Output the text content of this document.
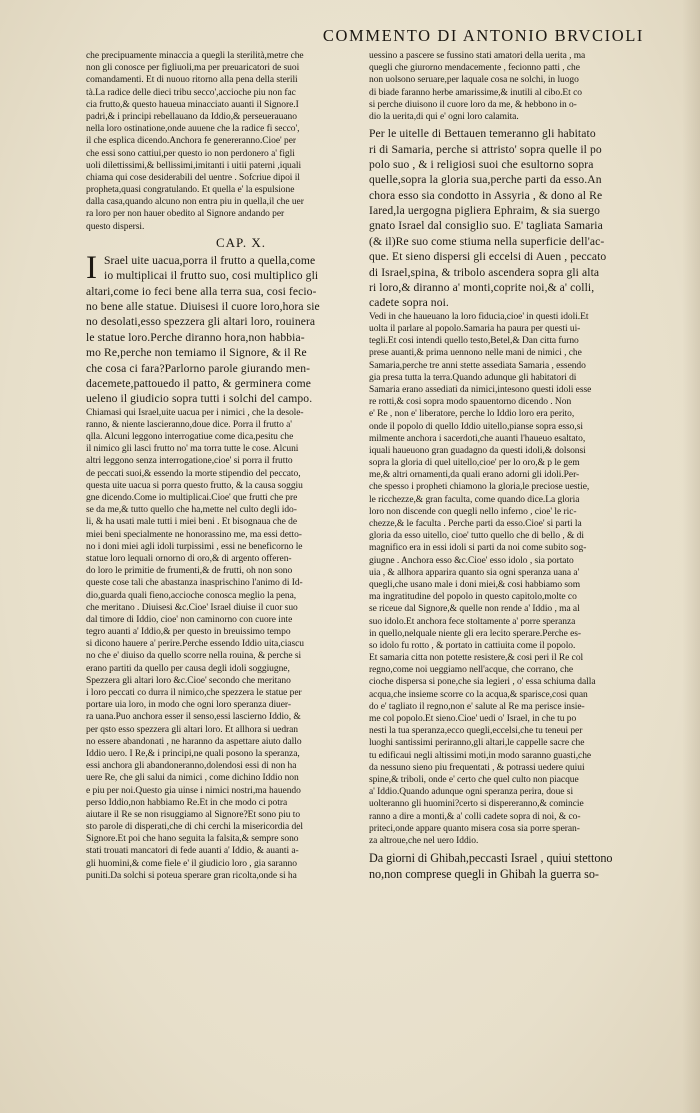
COMMENTO DI ANTONIO BRVCIOLI
che precipuamente minaccia a quegli la sterilità,metre che
non gli conosce per figliuoli,ma per preuaricatori de suoi
comandamenti. Et di nuouo ritorno alla pena della sterili
tà.La radice delle dieci tribu secco',accioche piu non fac
cia frutto,& questo haueua minacciato auanti il Signore.I
padri,& i principi rebellauano da Iddio,& perseuerauano
nella loro ostinatione,onde auuene che la radice fi secco',
il che esplica dicendo.Anchora fe genereranno.Cioe' per
che essi sono cattiui,per questo io non perdonero a' figli
uoli dilettissimi,& bellissimi,imitanti i uitii paterni ,iquali
chiama qui cose desiderabili del uentre . Sofcriue dipoi il
propheta,quasi congratulando. Et quella e' la espulsione
dalla casa,quando alcuno non entra piu in quella,il che uer
ra loro per non hauer obedito al Signore andando per
questo dispersi.
CAP. X.
I Srael uite uacua,porra il frutto a quella,come
io multiplicai il frutto suo, cosi multiplico gli
altari,come io feci bene alla terra sua, cosi fecio-
no bene alle statue. Diuisesi il cuore loro,hora sie
no desolati,esso spezzera gli altari loro, rouinera
le statue loro.Perche diranno hora,non habbia-
mo Re,perche non temiamo il Signore, & il Re
che cosa ci fara?Parlorno parole giurando men-
dacemete,pattouedo il patto, & germinera come
ueleno il giudicio sopra tutti i solchi del campo.
Chiamasi qui Israel,uite uacua per i nimici , che la desole-
ranno, & niente lascieranno,doue dice. Porra il frutto a'
qlla. Alcuni leggono interrogatiue come dica,pesitu che
il nimico gli lasci frutto no' ma torra tutte le cose. Alcuni
altri leggono senza interrogatione,cioe' si porra il frutto
de peccati suoi,& essendo la morte stipendio del peccato,
questa uite uacua si porra questo frutto, & la causa soggiu
gne dicendo.Come io multiplicai.Cioe' que frutti che pre
se da me,& tutto quello che ha,mette nel culto degli ido-
li, & ha usati male tutti i miei beni . Et bisognaua che de
miei beni specialmente ne honorassino me, ma essi detto-
no i doni miei agli idoli turpissimi , essi ne beneficorno le
statue loro lequali ornorno di oro,& di argento offeren-
do loro le primitie de frumenti,& de frutti, oh non sono
queste cose tali che abastanza inasprischino l'animo di Id-
dio,guarda quali fieno,accioche conosca meglio la pena,
che meritano . Diuisesi &c.Cioe' Israel diuise il cuor suo
dal timore di Iddio, cioe' non caminorno con cuore inte
tegro auanti a' Iddio,& per questo in breuissimo tempo
si dicono hauere a' perire.Perche essendo Iddio uita,ciascu
no che e' diuiso da quello scorre nella rouina, & perche si
erano partiti da quello per causa degli idoli soggiugne,
Spezzera gli altari loro &c.Cioe' secondo che meritano
i loro peccati co durra il nimico,che spezzera le statue per
portare uia loro, in modo che ogni loro speranza diuer-
ra uana.Puo anchora esser il senso,essi lascierno Iddio, &
per qsto esso spezzera gli altari loro. Et allhora si uedran
no essere abandonati , ne haranno da aspettare aiuto dallo
Iddio uero. I Re,& i principi,ne quali posono la speranza,
essi anchora gli abandoneranno,dolendosi essi di non ha
uere Re, che gli salui da nimici , come dichino Iddio non
e piu per noi.Questo gia uinse i nimici nostri,ma hauendo
perso Iddio,non habbiamo Re.Et in che modo ci potra
aiutare il Re se non risuggiamo al Signore?Et sono piu to
sto parole di disperati,che di chi cerchi la misericordia del
Signore.Et poi che hano seguita la falsita,& sempre sono
stati trouati mancatori di fede auanti a' Iddio, & auanti a-
gli huomini,& come fiele e' il giudicio loro , gia saranno
puniti.Da solchi si poteua sperare gran ricolta,onde si ha
uessino a pascere se fussino stati amatori della uerita , ma
quegli che giurorno mendacemente , fecionno patti , che
non uolsono seruare,per laquale cosa ne solchi, in luogo
di biade faranno herbe amarissime,& inutili al cibo.Et co
si perche diuisono il cuore loro da me, & hebbono in o-
dio la uerita,di qui e' ogni loro calamita.
Per le uitelle di Bettauen temeranno gli habitato
ri di Samaria, perche si attristo' sopra quelle il po
polo suo , & i religiosi suoi che esultorno sopra
quelle,sopra la gloria sua,perche parti da esso.An
chora esso sia condotto in Assyria , & dono al Re
Iared,la uergogna pigliera Ephraim, & sia suergo
gnato Israel dal consiglio suo. E' tagliata Samaria
(& il)Re suo come stiuma nella superficie dell'ac-
que. Et sieno dispersi gli eccelsi di Auen , peccato
di Israel,spina, & tribolo ascendera sopra gli alta
ri loro,& diranno a' monti,coprite noi,& a' colli,
cadete sopra noi.
Vedi in che haueuano la loro fiducia,cioe' in questi idoli.Et
uolta il parlare al popolo.Samaria ha paura per questi ui-
tegli.Et cosi intendi quello testo,Betel,& Dan citta furno
prese auanti,& prima uennono nelle mani de nimici , che
Samaria,perche tre anni stette assediata Samaria , essendo
gia presa tutta la terra.Quando adunque gli habitatori di
Samaria erano assediati da nimici,intesono questi idoli esse
re rotti,& cosi sopra modo spauentorno dicendo . Non
e' Re , non e' liberatore, perche lo Iddio loro era perito,
onde il popolo di quello Iddio uitello,pianse sopra esso,si
milmente anchora i sacerdoti,che auanti l'haueuo esaltato,
iquali haueuono gran guadagno da questi idoli,& dolsonsi
sopra la gloria di quel uitello,cioe' per lo oro,& p le gem
me,& altri ornamenti,da quali erano adorni gli idoli.Per-
che spesso i propheti chiamono la gloria,le preciose uestie,
le ricchezze,& gran faculta, come quando dice.La gloria
loro non discende con quegli nello inferno , cioe' le ric-
chezze,& le faculta . Perche parti da esso.Cioe' si parti la
gloria da esso uitello, cioe' tutto quello che di bello , & di
magnifico era in essi idoli si parti da noi come subito sog-
giugne . Anchora esso &c.Cioe' esso idolo , sia portato
uia , & allhora apparira quanto sia ogni speranza uana a'
quegli,che usano male i doni miei,& cosi habbiamo som
ma ingratitudine del popolo in questo capitolo,molte co
se riceue dal Signore,& quelle non rende a' Iddio , ma al
suo idolo.Et anchora fece stoltamente a' porre speranza
in quello,nelquale niente gli era lecito sperare.Perche es-
so idolo fu rotto , & portato in cattiuita come il popolo.
Et samaria citta non potette resistere,& cosi peri il Re col
regno,come noi ueggiamo nell'acque, che corrano, che
cioche dispersa si pone,che sia legieri , o' essa schiuma dalla
acqua,che insieme scorre co la acqua,& sparisce,cosi quan
do e' tagliato il regno,non e' salute al Re ma perisce insie-
me col popolo.Et sieno.Cioe' uedi o' Israel, in che tu po
nesti la tua speranza,ecco quegli,eccelsi,che tu teneui per
luoghi santissimi periranno,gli altari,le cappelle sacre che
tu edificaui negli altissimi moti,in modo saranno guasti,che
da nessuno sieno piu frequentati , & potrassi uedere quiui
spine,& triboli, onde e' certo che quel culto non piacque
a' Iddio.Quando adunque ogni speranza perira, doue si
uolteranno gli huomini?certo si dispereranno,& comincie
ranno a dire a monti,& a' colli cadete sopra di noi, & co-
priteci,onde appare quanto misera cosa sia porre speran-
za altroue,che nel uero Iddio.
Da giorni di Ghibah,peccasti Israel , quiui stettono
no,non comprese quegli in Ghibah la guerra so-
